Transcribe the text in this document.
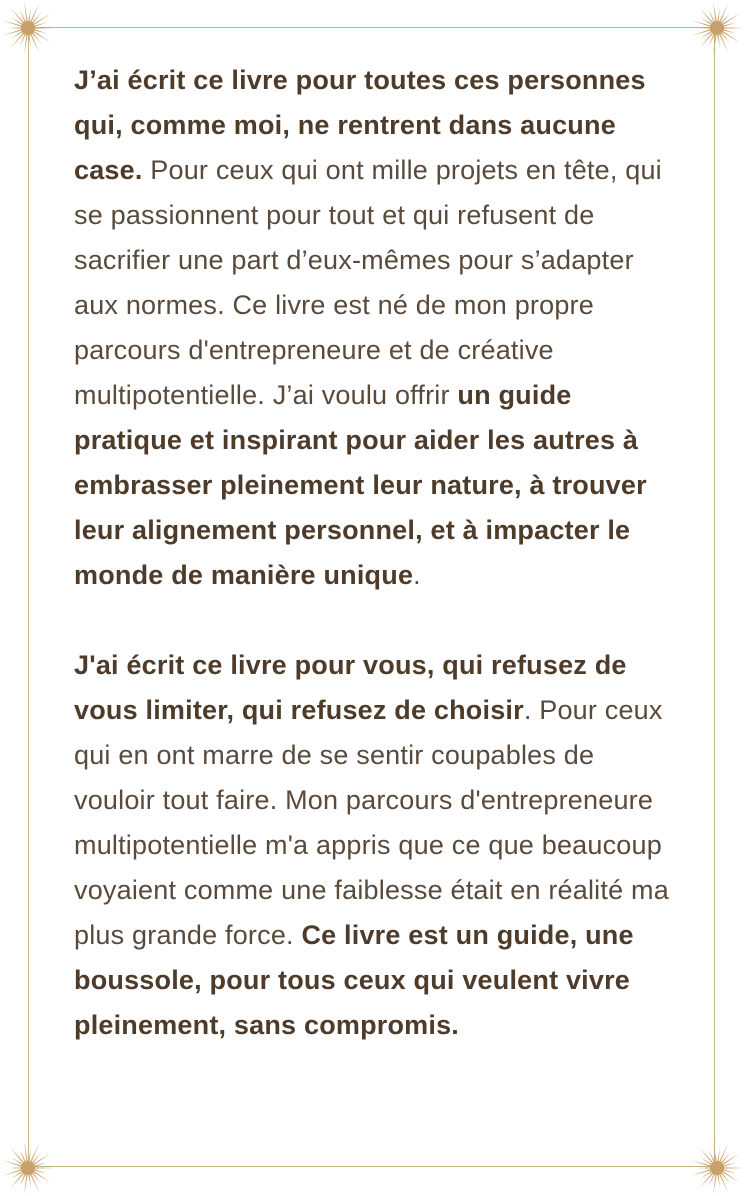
J’ai écrit ce livre pour toutes ces personnes qui, comme moi, ne rentrent dans aucune case. Pour ceux qui ont mille projets en tête, qui se passionnent pour tout et qui refusent de sacrifier une part d’eux-mêmes pour s’adapter aux normes. Ce livre est né de mon propre parcours d'entrepreneure et de créative multipotentielle. J’ai voulu offrir un guide pratique et inspirant pour aider les autres à embrasser pleinement leur nature, à trouver leur alignement personnel, et à impacter le monde de manière unique.

J'ai écrit ce livre pour vous, qui refusez de vous limiter, qui refusez de choisir. Pour ceux qui en ont marre de se sentir coupables de vouloir tout faire. Mon parcours d'entrepreneure multipotentielle m'a appris que ce que beaucoup voyaient comme une faiblesse était en réalité ma plus grande force. Ce livre est un guide, une boussole, pour tous ceux qui veulent vivre pleinement, sans compromis.
